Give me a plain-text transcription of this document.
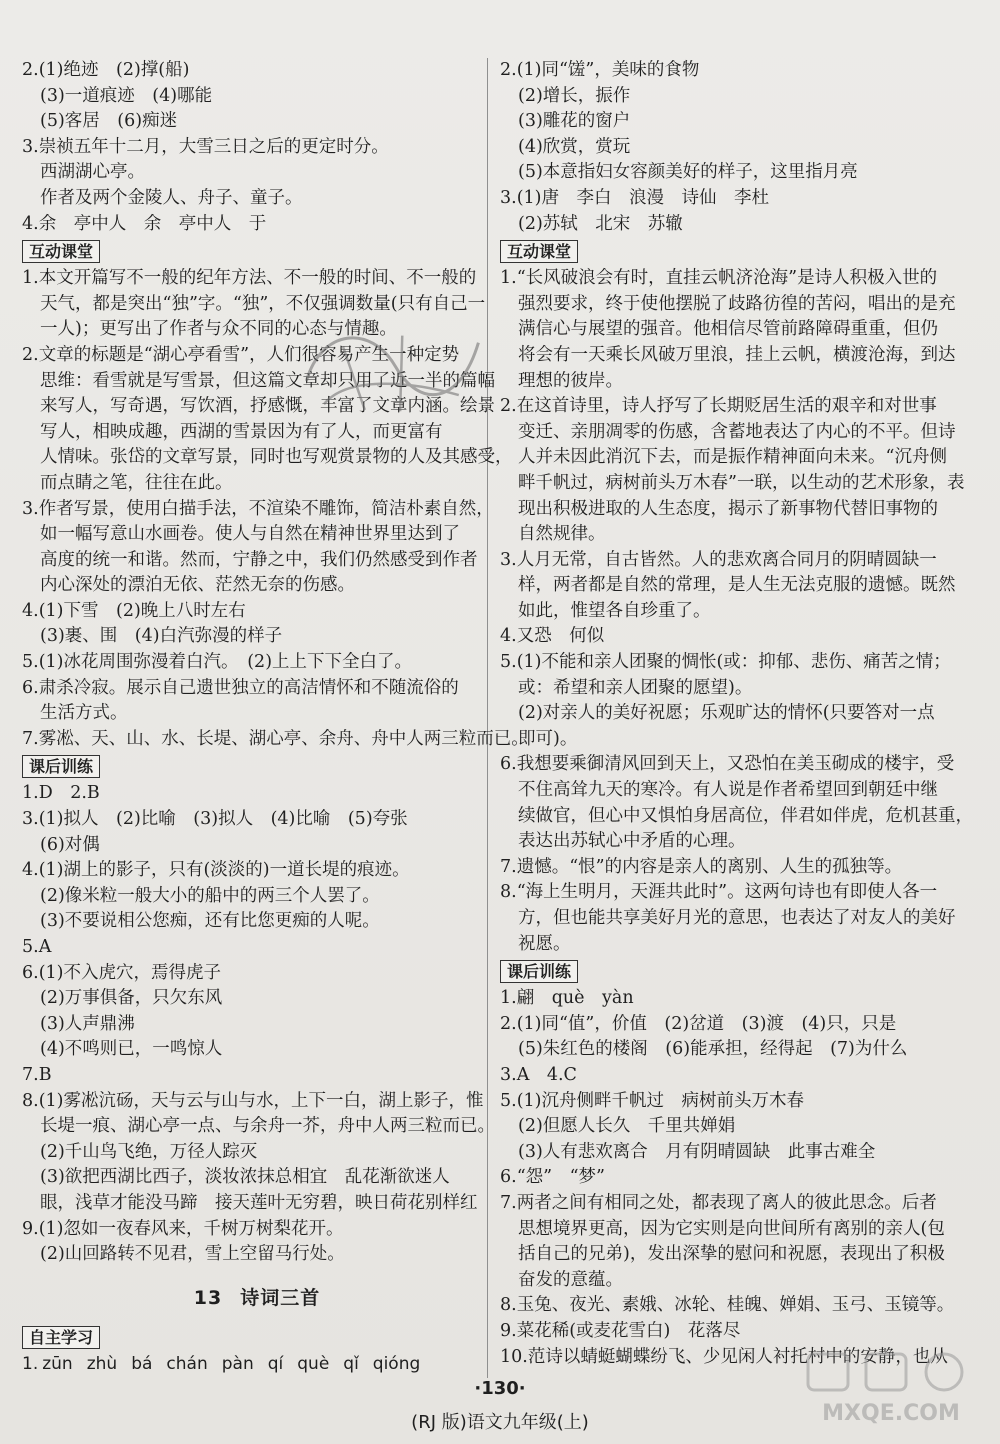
2.(1)绝迹　(2)撑(船)
(3)一道痕迹　(4)哪能
(5)客居　(6)痴迷
3.崇祯五年十二月，大雪三日之后的更定时分。
西湖湖心亭。
作者及两个金陵人、舟子、童子。
4.余　亭中人　余　亭中人　于
互动课堂
1.本文开篇写不一般的纪年方法、不一般的时间、不一般的
天气，都是突出“独”字。“独”，不仅强调数量(只有自己一
一人)；更写出了作者与众不同的心态与情趣。
2.文章的标题是“湖心亭看雪”，人们很容易产生一种定势
思维：看雪就是写雪景，但这篇文章却只用了近一半的篇幅
来写人，写奇遇，写饮酒，抒感慨，丰富了文章内涵。绘景
写人，相映成趣，西湖的雪景因为有了人，而更富有
人情味。张岱的文章写景，同时也写观赏景物的人及其感受，
而点睛之笔，往往在此。
3.作者写景，使用白描手法，不渲染不雕饰，简洁朴素自然，
如一幅写意山水画卷。使人与自然在精神世界里达到了
高度的统一和谐。然而，宁静之中，我们仍然感受到作者
内心深处的漂泊无依、茫然无奈的伤感。
4.(1)下雪　(2)晚上八时左右
(3)裹、围　(4)白汽弥漫的样子
5.(1)冰花周围弥漫着白汽。　(2)上上下下全白了。
6.肃杀冷寂。展示自己遗世独立的高洁情怀和不随流俗的
生活方式。
7.雾凇、天、山、水、长堤、湖心亭、余舟、舟中人两三粒而已。
课后训练
1.D　2.B
3.(1)拟人　(2)比喻　(3)拟人　(4)比喻　(5)夸张
(6)对偶
4.(1)湖上的影子，只有(淡淡的)一道长堤的痕迹。
(2)像米粒一般大小的船中的两三个人罢了。
(3)不要说相公您痴，还有比您更痴的人呢。
5.A
6.(1)不入虎穴，焉得虎子
(2)万事俱备，只欠东风
(3)人声鼎沸
(4)不鸣则已，一鸣惊人
7.B
8.(1)雾凇沆砀，天与云与山与水，上下一白，湖上影子，惟
长堤一痕、湖心亭一点、与余舟一芥，舟中人两三粒而已。
(2)千山鸟飞绝，万径人踪灭
(3)欲把西湖比西子，淡妆浓抹总相宜　乱花渐欲迷人
眼，浅草才能没马蹄　接天莲叶无穷碧，映日荷花别样红
9.(1)忽如一夜春风来，千树万树梨花开。
(2)山回路转不见君，雪上空留马行处。
13 诗词三首
自主学习
1. zūn zhù bá chán pàn qí què qǐ qióng
2.(1)同“馐”，美味的食物
(2)增长，振作
(3)雕花的窗户
(4)欣赏，赏玩
(5)本意指妇女容颜美好的样子，这里指月亮
3.(1)唐　李白　浪漫　诗仙　李杜
(2)苏轼　北宋　苏辙
互动课堂
1.“长风破浪会有时，直挂云帆济沧海”是诗人积极入世的
强烈要求，终于使他摆脱了歧路彷徨的苦闷，唱出的是充
满信心与展望的强音。他相信尽管前路障碍重重，但仍
将会有一天乘长风破万里浪，挂上云帆，横渡沧海，到达
理想的彼岸。
2.在这首诗里，诗人抒写了长期贬居生活的艰辛和对世事
变迁、亲朋凋零的伤感，含蓄地表达了内心的不平。但诗
人并未因此消沉下去，而是振作精神面向未来。“沉舟侧
畔千帆过，病树前头万木春”一联，以生动的艺术形象，表
现出积极进取的人生态度，揭示了新事物代替旧事物的
自然规律。
3.人月无常，自古皆然。人的悲欢离合同月的阴晴圆缺一
样，两者都是自然的常理，是人生无法克服的遗憾。既然
如此，惟望各自珍重了。
4.又恐　何似
5.(1)不能和亲人团聚的惆怅(或：抑郁、悲伤、痛苦之情；
或：希望和亲人团聚的愿望)。
(2)对亲人的美好祝愿；乐观旷达的情怀(只要答对一点
即可)。
6.我想要乘御清风回到天上，又恐怕在美玉砌成的楼宇，受
不住高耸九天的寒冷。有人说是作者希望回到朝廷中继
续做官，但心中又惧怕身居高位，伴君如伴虎，危机甚重，
表达出苏轼心中矛盾的心理。
7.遗憾。“恨”的内容是亲人的离别、人生的孤独等。
8.“海上生明月，天涯共此时”。这两句诗也有即使人各一
方，但也能共享美好月光的意思，也表达了对友人的美好
祝愿。
课后训练
1.翩　què　yàn
2.(1)同“值”，价值　(2)岔道　(3)渡　(4)只，只是
(5)朱红色的楼阁　(6)能承担，经得起　(7)为什么
3.A　4.C
5.(1)沉舟侧畔千帆过　病树前头万木春
(2)但愿人长久　千里共婵娟
(3)人有悲欢离合　月有阴晴圆缺　此事古难全
6.“怨”　“梦”
7.两者之间有相同之处，都表现了离人的彼此思念。后者
思想境界更高，因为它实则是向世间所有离别的亲人(包
括自己的兄弟)，发出深挚的慰问和祝愿，表现出了积极
奋发的意蕴。
8.玉兔、夜光、素娥、冰轮、桂魄、婵娟、玉弓、玉镜等。
9.菜花稀(或麦花雪白)　花落尽
10.范诗以蜻蜓蝴蝶纷飞、少见闲人衬托村中的安静，也从
MXQE.COM
·130·
(RJ 版)语文九年级(上)
